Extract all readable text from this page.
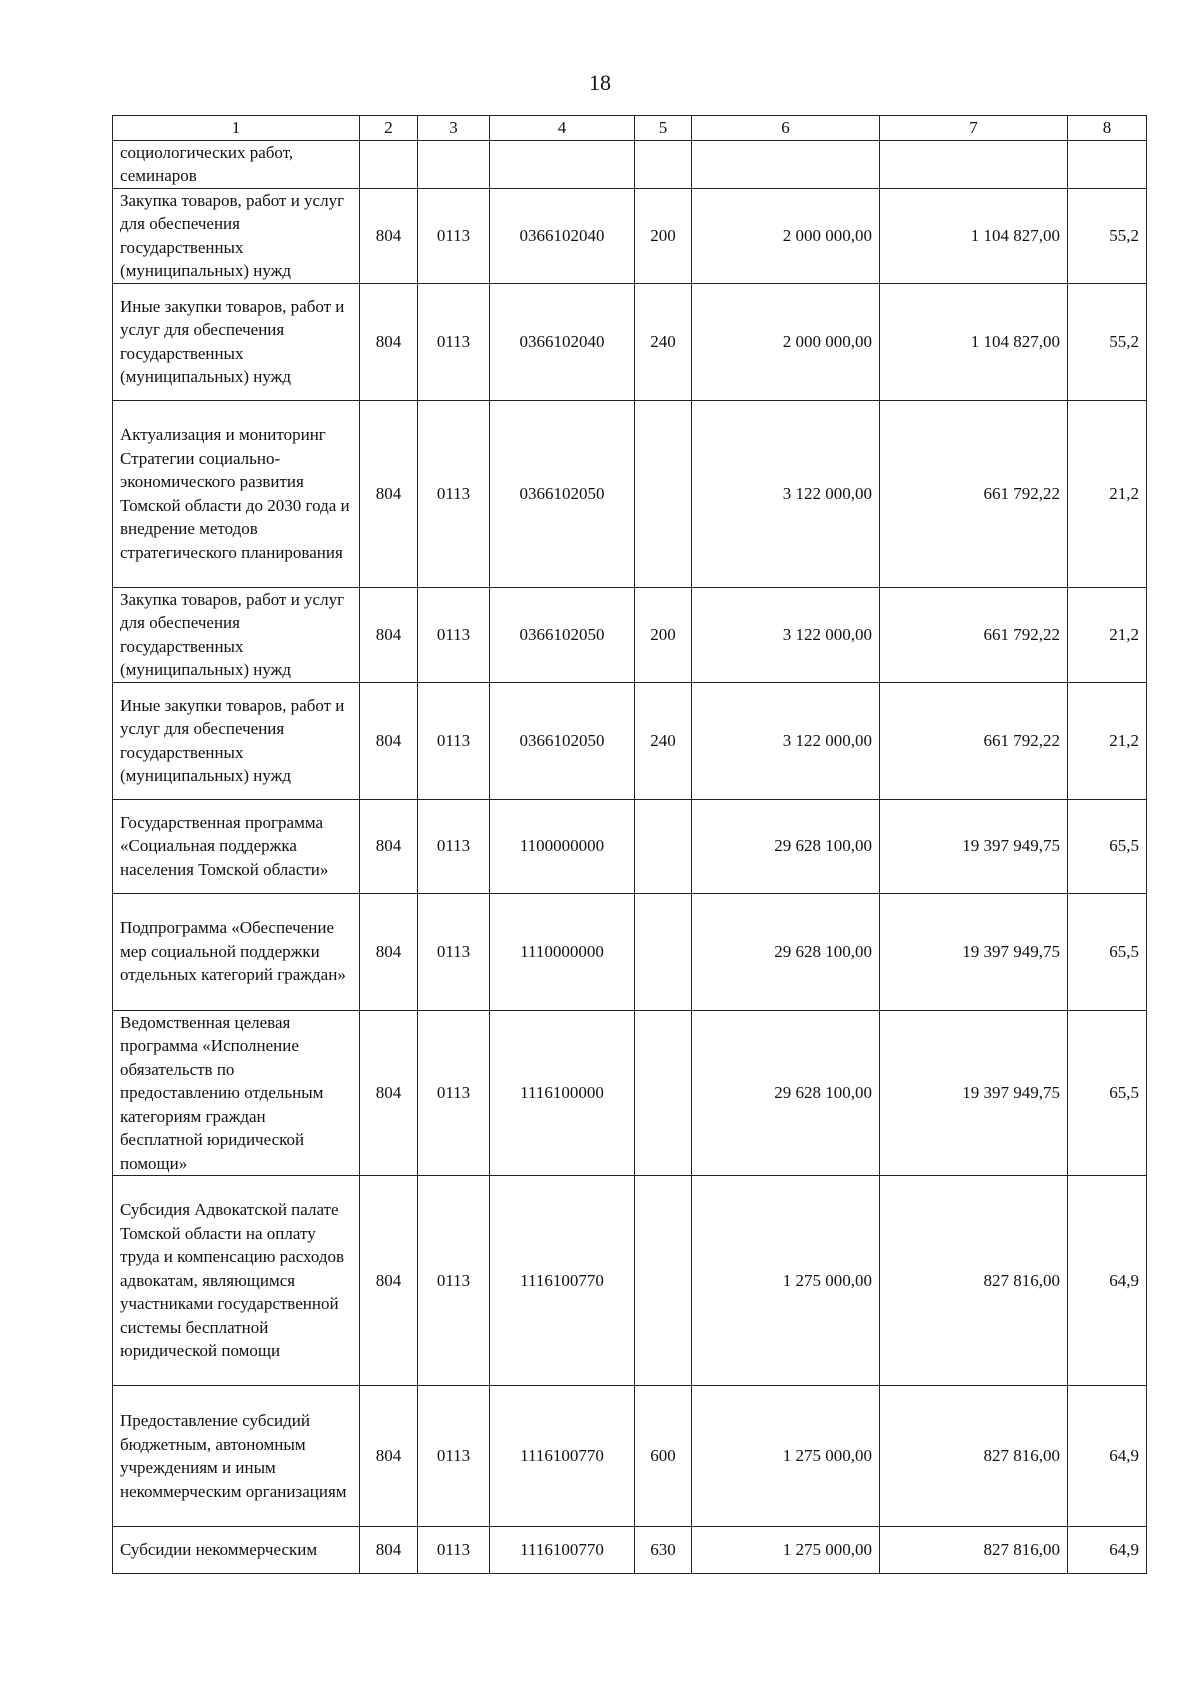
18
1	2	3	4	5	6	7	8
социологических работ, семинаров							
Закупка товаров, работ и услуг для обеспечения государственных (муниципальных) нужд	804	0113	0366102040	200	2 000 000,00	1 104 827,00	55,2
Иные закупки товаров, работ и услуг для обеспечения государственных (муниципальных) нужд	804	0113	0366102040	240	2 000 000,00	1 104 827,00	55,2
Актуализация и мониторинг Стратегии социально-экономического развития Томской области до 2030 года и внедрение методов стратегического планирования	804	0113	0366102050		3 122 000,00	661 792,22	21,2
Закупка товаров, работ и услуг для обеспечения государственных (муниципальных) нужд	804	0113	0366102050	200	3 122 000,00	661 792,22	21,2
Иные закупки товаров, работ и услуг для обеспечения государственных (муниципальных) нужд	804	0113	0366102050	240	3 122 000,00	661 792,22	21,2
Государственная программа «Социальная поддержка населения Томской области»	804	0113	1100000000		29 628 100,00	19 397 949,75	65,5
Подпрограмма «Обеспечение мер социальной поддержки отдельных категорий граждан»	804	0113	1110000000		29 628 100,00	19 397 949,75	65,5
Ведомственная целевая программа «Исполнение обязательств по предоставлению отдельным категориям граждан бесплатной юридической помощи»	804	0113	1116100000		29 628 100,00	19 397 949,75	65,5
Субсидия Адвокатской палате Томской области на оплату труда и компенсацию расходов адвокатам, являющимся участниками государственной системы бесплатной юридической помощи	804	0113	1116100770		1 275 000,00	827 816,00	64,9
Предоставление субсидий бюджетным, автономным учреждениям и иным некоммерческим организациям	804	0113	1116100770	600	1 275 000,00	827 816,00	64,9
Субсидии некоммерческим	804	0113	1116100770	630	1 275 000,00	827 816,00	64,9
